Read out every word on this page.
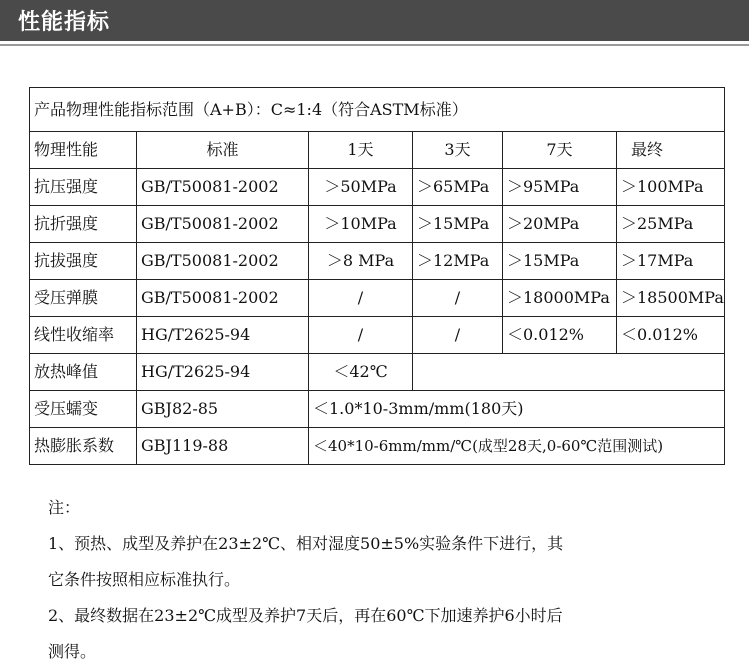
性能指标
产品物理性能指标范围（A+B）：C≈1:4（符合ASTM标准）					
物理性能	标准	1天	3天	7天	最终
抗压强度	GB/T50081-2002	＞50MPa	＞65MPa	＞95MPa	＞100MPa
抗折强度	GB/T50081-2002	＞10MPa	＞15MPa	＞20MPa	＞25MPa
抗拔强度	GB/T50081-2002	＞8 MPa	＞12MPa	＞15MPa	＞17MPa
受压弹膜	GB/T50081-2002	/	/	＞18000MPa	＞18500MPa
线性收缩率	HG/T2625-94	/	/	＜0.012%	＜0.012%
放热峰值	HG/T2625-94	＜42℃			
受压蠕变	GBJ82-85	＜1.0*10-3mm/mm(180天)			
热膨胀系数	GBJ119-88	＜40*10-6mm/mm/℃(成型28天,0-60℃范围测试)			

注：

1、预热、成型及养护在23±2℃、相对湿度50±5%实验条件下进行，其

它条件按照相应标准执行。

2、最终数据在23±2℃成型及养护7天后，再在60℃下加速养护6小时后

测得。
